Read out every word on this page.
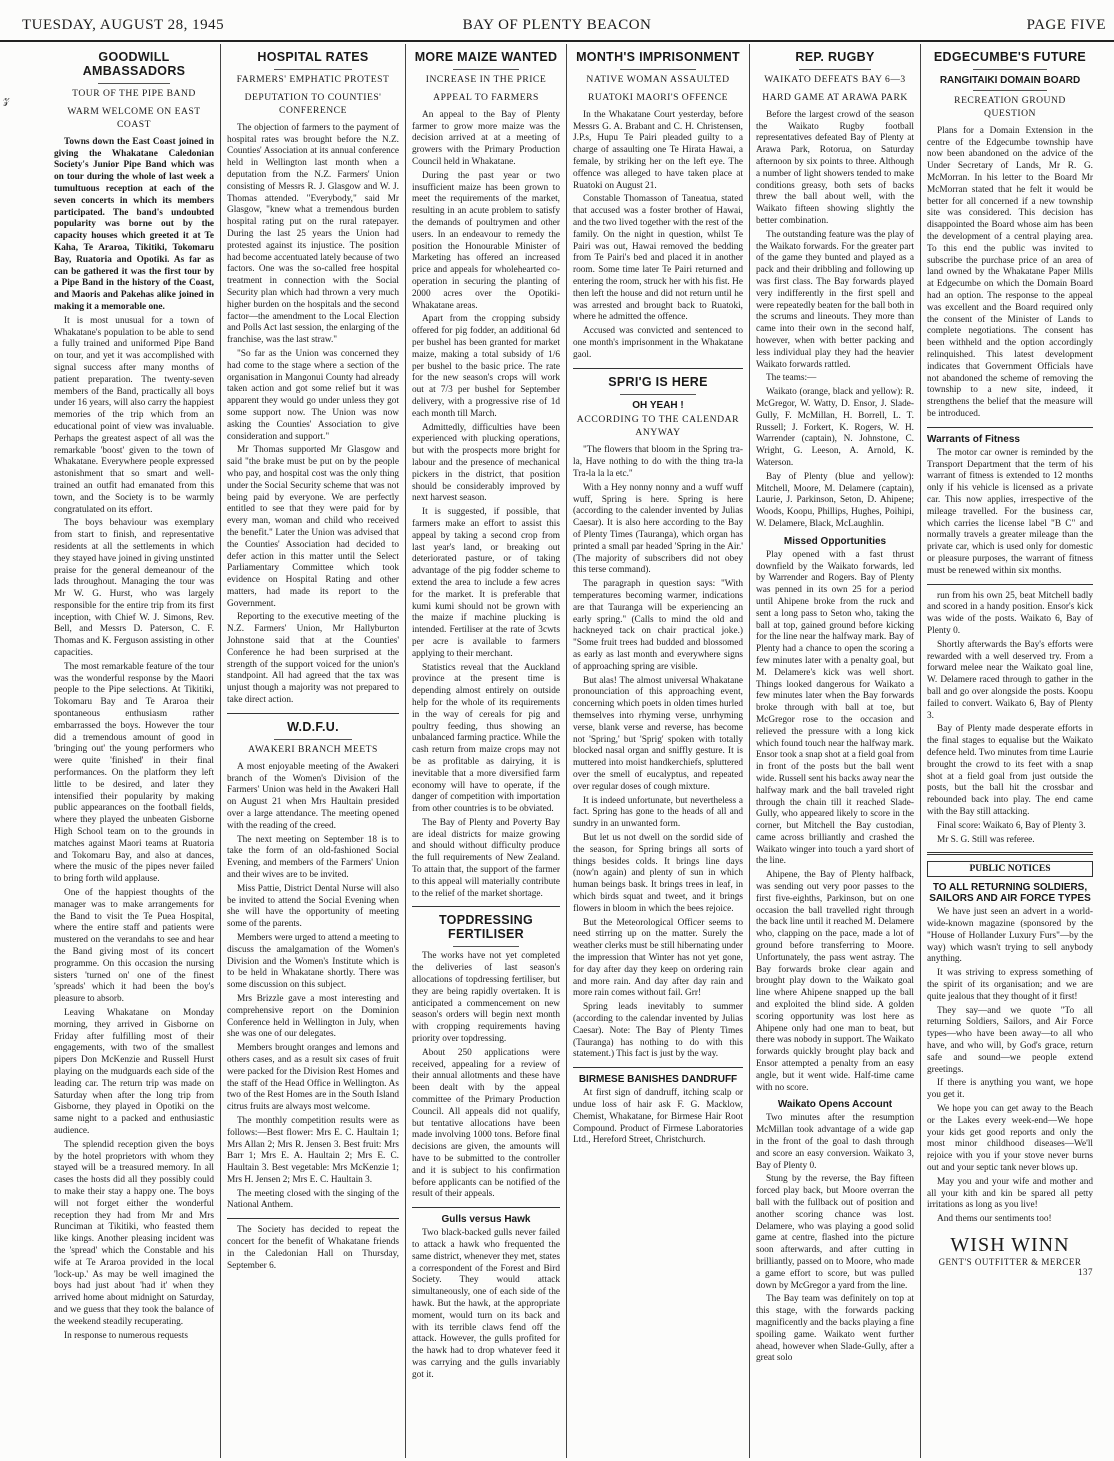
TUESDAY, AUGUST 28, 1945	BAY OF PLENTY BEACON	PAGE FIVE
𝓏
GOODWILL AMBASSADORS
TOUR OF THE PIPE BAND
WARM WELCOME ON EAST COAST

Towns down the East Coast joined in giving the Whakatane Caledonian Society's Junior Pipe Band which was on tour during the whole of last week a tumultuous reception at each of the seven concerts in which its members participated. The band's undoubted popularity was borne out by the capacity houses which greeted it at Te Kaha, Te Araroa, Tikitiki, Tokomaru Bay, Ruatoria and Opotiki. As far as can be gathered it was the first tour by a Pipe Band in the history of the Coast, and Maoris and Pakehas alike joined in making it a memorable one.

It is most unusual for a town of Whakatane's population to be able to send a fully trained and uniformed Pipe Band on tour, and yet it was accomplished with signal success after many months of patient preparation. The twenty-seven members of the Band, practically all boys under 16 years, will also carry the happiest memories of the trip which from an educational point of view was invaluable. Perhaps the greatest aspect of all was the remarkable 'boost' given to the town of Whakatane. Everywhere people expressed astonishment that so smart and well-trained an outfit had emanated from this town, and the Society is to be warmly congratulated on its effort.

The boys behaviour was exemplary from start to finish, and representative residents at all the settlements in which they stayed have joined in giving unstinted praise for the general demeanour of the lads throughout. Managing the tour was Mr W. G. Hurst, who was largely responsible for the entire trip from its first inception, with Chief W. J. Simons, Rev. Bell, and Messrs D. Paterson, C. F. Thomas and K. Ferguson assisting in other capacities.

The most remarkable feature of the tour was the wonderful response by the Maori people to the Pipe selections. At Tikitiki, Tokomaru Bay and Te Araroa their spontaneous enthusiasm rather embarrassed the boys. However the tour did a tremendous amount of good in 'bringing out' the young performers who were quite 'finished' in their final performances. On the platform they left little to be desired, and later they intensified their popularity by making public appearances on the football fields, where they played the unbeaten Gisborne High School team on to the grounds in matches against Maori teams at Ruatoria and Tokomaru Bay, and also at dances, where the music of the pipes never failed to bring forth wild applause.

One of the happiest thoughts of the manager was to make arrangements for the Band to visit the Te Puea Hospital, where the entire staff and patients were mustered on the verandahs to see and hear the Band giving most of its concert programme. On this occasion the nursing sisters 'turned on' one of the finest 'spreads' which it had been the boy's pleasure to absorb.

Leaving Whakatane on Monday morning, they arrived in Gisborne on Friday after fulfilling most of their engagements, with two of the smallest pipers Don McKenzie and Russell Hurst playing on the mudguards each side of the leading car. The return trip was made on Saturday when after the long trip from Gisborne, they played in Opotiki on the same night to a packed and enthusiastic audience.

The splendid reception given the boys by the hotel proprietors with whom they stayed will be a treasured memory. In all cases the hosts did all they possibly could to make their stay a happy one. The boys will not forget either the wonderful reception they had from Mr and Mrs Runciman at Tikitiki, who feasted them like kings. Another pleasing incident was the 'spread' which the Constable and his wife at Te Araroa provided in the local 'lock-up.' As may be well imagined the boys had just about 'had it' when they arrived home about midnight on Saturday, and we guess that they took the balance of the weekend steadily recuperating.

In response to numerous requests

HOSPITAL RATES
FARMERS' EMPHATIC PROTEST
DEPUTATION TO COUNTIES' CONFERENCE

The objection of farmers to the payment of hospital rates was brought before the N.Z. Counties' Association at its annual conference held in Wellington last month when a deputation from the N.Z. Farmers' Union consisting of Messrs R. J. Glasgow and W. J. Thomas attended. "Everybody," said Mr Glasgow, "knew what a tremendous burden hospital rating put on the rural ratepayer. During the last 25 years the Union had protested against its injustice. The position had become accentuated lately because of two factors. One was the so-called free hospital treatment in connection with the Social Security plan which had thrown a very much higher burden on the hospitals and the second factor—the amendment to the Local Election and Polls Act last session, the enlarging of the franchise, was the last straw."

"So far as the Union was concerned they had come to the stage where a section of the organisation in Mangonui County had already taken action and got some relief but it was apparent they would go under unless they got some support now. The Union was now asking the Counties' Association to give consideration and support."

Mr Thomas supported Mr Glasgow and said "the brake must be put on by the people who pay, and hospital cost was the only thing under the Social Security scheme that was not being paid by everyone. We are perfectly entitled to see that they were paid for by every man, woman and child who received the benefit." Later the Union was advised that the Counties' Association had decided to defer action in this matter until the Select Parliamentary Committee which took evidence on Hospital Rating and other matters, had made its report to the Government.

Reporting to the executive meeting of the N.Z. Farmers' Union, Mr Hallyburton Johnstone said that at the Counties' Conference he had been surprised at the strength of the support voiced for the union's standpoint. All had agreed that the tax was unjust though a majority was not prepared to take direct action.

W.D.F.U.
AWAKERI BRANCH MEETS

A most enjoyable meeting of the Awakeri branch of the Women's Division of the Farmers' Union was held in the Awakeri Hall on August 21 when Mrs Haultain presided over a large attendance. The meeting opened with the reading of the creed.

The next meeting on September 18 is to take the form of an old-fashioned Social Evening, and members of the Farmers' Union and their wives are to be invited.

Miss Pattie, District Dental Nurse will also be invited to attend the Social Evening when she will have the opportunity of meeting some of the parents.

Members were urged to attend a meeting to discuss the amalgamation of the Women's Division and the Women's Institute which is to be held in Whakatane shortly. There was some discussion on this subject.

Mrs Brizzle gave a most interesting and comprehensive report on the Dominion Conference held in Wellington in July, when she was one of our delegates.

Members brought oranges and lemons and others cases, and as a result six cases of fruit were packed for the Division Rest Homes and the staff of the Head Office in Wellington. As two of the Rest Homes are in the South Island citrus fruits are always most welcome.

The monthly competition results were as follows:—Best flower: Mrs E. C. Haultain 1; Mrs Allan 2; Mrs R. Jensen 3. Best fruit: Mrs Barr 1; Mrs E. A. Haultain 2; Mrs E. C. Haultain 3. Best vegetable: Mrs McKenzie 1; Mrs H. Jensen 2; Mrs E. C. Haultain 3.

The meeting closed with the singing of the National Anthem.

The Society has decided to repeat the concert for the benefit of Whakatane friends in the Caledonian Hall on Thursday, September 6.

MORE MAIZE WANTED
INCREASE IN THE PRICE
APPEAL TO FARMERS

An appeal to the Bay of Plenty farmer to grow more maize was the decision arrived at at a meeting of growers with the Primary Production Council held in Whakatane.

During the past year or two insufficient maize has been grown to meet the requirements of the market, resulting in an acute problem to satisfy the demands of poultrymen and other users. In an endeavour to remedy the position the Honourable Minister of Marketing has offered an increased price and appeals for wholehearted co-operation in securing the planting of 2000 acres over the Opotiki-Whakatane areas.

Apart from the cropping subsidy offered for pig fodder, an additional 6d per bushel has been granted for market maize, making a total subsidy of 1/6 per bushel to the basic price. The rate for the new season's crops will work out at 7/3 per bushel for September delivery, with a progressive rise of 1d each month till March.

Admittedly, difficulties have been experienced with plucking operations, but with the prospects more bright for labour and the presence of mechanical pickers in the district, that position should be considerably improved by next harvest season.

It is suggested, if possible, that farmers make an effort to assist this appeal by taking a second crop from last year's land, or breaking out deteriorated pasture, or of taking advantage of the pig fodder scheme to extend the area to include a few acres for the market. It is preferable that kumi kumi should not be grown with the maize if machine plucking is intended. Fertiliser at the rate of 3cwts per acre is available to farmers applying to their merchant.

Statistics reveal that the Auckland province at the present time is depending almost entirely on outside help for the whole of its requirements in the way of cereals for pig and poultry feeding, thus showing an unbalanced farming practice. While the cash return from maize crops may not be as profitable as dairying, it is inevitable that a more diversified farm economy will have to operate, if the danger of competition with importation from other countries is to be obviated.

The Bay of Plenty and Poverty Bay are ideal districts for maize growing and should without difficulty produce the full requirements of New Zealand. To attain that, the support of the farmer to this appeal will materially contribute to the relief of the market shortage.

TOPDRESSING FERTILISER

The works have not yet completed the deliveries of last season's allocations of topdressing fertiliser, but they are being rapidly overtaken. It is anticipated a commencement on new season's orders will begin next month with cropping requirements having priority over topdressing.

About 250 applications were received, appealing for a review of their annual allotments and these have been dealt with by the appeal committee of the Primary Production Council. All appeals did not qualify, but tentative allocations have been made involving 1000 tons. Before final decisions are given, the amounts will have to be submitted to the controller and it is subject to his confirmation before applicants can be notified of the result of their appeals.

Gulls versus Hawk

Two black-backed gulls never failed to attack a hawk who frequented the same district, whenever they met, states a correspondent of the Forest and Bird Society. They would attack simultaneously, one of each side of the hawk. But the hawk, at the appropriate moment, would turn on its back and with its terrible claws fend off the attack. However, the gulls profited for the hawk had to drop whatever feed it was carrying and the gulls invariably got it.

MONTH'S IMPRISONMENT
NATIVE WOMAN ASSAULTED
RUATOKI MAORI'S OFFENCE

In the Whakatane Court yesterday, before Messrs G. A. Brabant and C. H. Christensen, J.P.s, Hupu Te Pairi pleaded guilty to a charge of assaulting one Te Hirata Hawai, a female, by striking her on the left eye. The offence was alleged to have taken place at Ruatoki on August 21.

Constable Thomasson of Taneatua, stated that accused was a foster brother of Hawai, and the two lived together with the rest of the family. On the night in question, whilst Te Pairi was out, Hawai removed the bedding from Te Pairi's bed and placed it in another room. Some time later Te Pairi returned and entering the room, struck her with his fist. He then left the house and did not return until he was arrested and brought back to Ruatoki, where he admitted the offence.

Accused was convicted and sentenced to one month's imprisonment in the Whakatane gaol.

SPRI'G IS HERE
OH YEAH !
ACCORDING TO THE CALENDAR ANYWAY

"The flowers that bloom in the Spring tra-la, Have nothing to do with the thing tra-la Tra-la la la etc."

With a Hey nonny nonny and a wuff wuff wuff, Spring is here. Spring is here (according to the calender invented by Julias Caesar). It is also here according to the Bay of Plenty Times (Tauranga), which organ has printed a small par headed 'Spring in the Air.' (The majority of subscribers did not obey this terse command).

The paragraph in question says: "With temperatures becoming warmer, indications are that Tauranga will be experiencing an early spring." (Calls to mind the old and hackneyed tack on chair practical joke.) "Some fruit trees had budded and blossomed as early as last month and everywhere signs of approaching spring are visible.

But alas! The almost universal Whakatane pronounciation of this approaching event, concerning which poets in olden times hurled themselves into rhyming verse, unrhyming verse, blank verse and reverse, has become not 'Spring,' but 'Sprig' spoken with totally blocked nasal organ and sniffly gesture. It is muttered into moist handkerchiefs, spluttered over the smell of eucalyptus, and repeated over regular doses of cough mixture.

It is indeed unfortunate, but nevertheless a fact. Spring has gone to the heads of all and sundry in an unwanted form.

But let us not dwell on the sordid side of the season, for Spring brings all sorts of things besides colds. It brings line days (now'n again) and plenty of sun in which human beings bask. It brings trees in leaf, in which birds squat and tweet, and it brings flowers in bloom in which the bees rejoice.

But the Meteorological Officer seems to need stirring up on the matter. Surely the weather clerks must be still hibernating under the impression that Winter has not yet gone, for day after day they keep on ordering rain and more rain. And day after day rain and more rain comes without fail. Grr!

Spring leads inevitably to summer (according to the calendar invented by Julias Caesar). Note: The Bay of Plenty Times (Tauranga) has nothing to do with this statement.) This fact is just by the way.

BIRMESE BANISHES DANDRUFF

At first sign of dandruff, itching scalp or undue loss of hair ask F. G. Macklow, Chemist, Whakatane, for Birmese Hair Root Compound. Product of Firmese Laboratories Ltd., Hereford Street, Christchurch.

REP. RUGBY
WAIKATO DEFEATS BAY 6—3
HARD GAME AT ARAWA PARK

Before the largest crowd of the season the Waikato Rugby football representatives defeated Bay of Plenty at Arawa Park, Rotorua, on Saturday afternoon by six points to three. Although a number of light showers tended to make conditions greasy, both sets of backs threw the ball about well, with the Waikato fifteen showing slightly the better combination.

The outstanding feature was the play of the Waikato forwards. For the greater part of the game they bunted and played as a pack and their dribbling and following up was first class. The Bay forwards played very indifferently in the first spell and were repeatedly beaten for the ball both in the scrums and lineouts. They more than came into their own in the second half, however, when with better packing and less individual play they had the heavier Waikato forwards rattled.

The teams:—

Waikato (orange, black and yellow): R. McGregor, W. Watty, D. Ensor, J. Slade-Gully, F. McMillan, H. Borrell, L. T. Russell; J. Forkert, K. Rogers, W. H. Warrender (captain), N. Johnstone, C. Wright, G. Leeson, A. Arnold, K. Waterson.

Bay of Plenty (blue and yellow): Mitchell, Moore, M. Delamere (captain), Laurie, J. Parkinson, Seton, D. Ahipene; Woods, Koopu, Phillips, Hughes, Poihipi, W. Delamere, Black, McLaughlin.

Missed Opportunities

Play opened with a fast thrust downfield by the Waikato forwards, led by Warrender and Rogers. Bay of Plenty was penned in its own 25 for a period until Ahipene broke from the ruck and sent a long pass to Seton who, taking the ball at top, gained ground before kicking for the line near the halfway mark. Bay of Plenty had a chance to open the scoring a few minutes later with a penalty goal, but M. Delamere's kick was well short. Things looked dangerous for Waikato a few minutes later when the Bay forwards broke through with ball at toe, but McGregor rose to the occasion and relieved the pressure with a long kick which found touch near the halfway mark. Ensor took a snap shot at a field goal from in front of the posts but the ball went wide. Russell sent his backs away near the halfway mark and the ball traveled right through the chain till it reached Slade-Gully, who appeared likely to score in the corner, but Mitchell the Bay custodian, came across brilliantly and crashed the Waikato winger into touch a yard short of the line.

Ahipene, the Bay of Plenty halfback, was sending out very poor passes to the first five-eighths, Parkinson, but on one occasion the ball travelled right through the back line until it reached M. Delamere who, clapping on the pace, made a lot of ground before transferring to Moore. Unfortunately, the pass went astray. The Bay forwards broke clear again and brought play down to the Waikato goal line where Ahipene snapped up the ball and exploited the blind side. A golden scoring opportunity was lost here as Ahipene only had one man to beat, but there was nobody in support. The Waikato forwards quickly brought play back and Ensor attempted a penalty from an easy angle, but it went wide. Half-time came with no score.

Waikato Opens Account

Two minutes after the resumption McMillan took advantage of a wide gap in the front of the goal to dash through and score an easy conversion. Waikato 3, Bay of Plenty 0.

Stung by the reverse, the Bay fifteen forced play back, but Moore overran the ball with the fullback out of position and another scoring chance was lost. Delamere, who was playing a good solid game at centre, flashed into the picture soon afterwards, and after cutting in brilliantly, passed on to Moore, who made a game effort to score, but was pulled down by McGregor a yard from the line.

The Bay team was definitely on top at this stage, with the forwards packing magnificently and the backs playing a fine spoiling game. Waikato went further ahead, however when Slade-Gully, after a great solo

EDGECUMBE'S FUTURE
RANGITAIKI DOMAIN BOARD
RECREATION GROUND QUESTION

Plans for a Domain Extension in the centre of the Edgecumbe township have now been abandoned on the advice of the Under Secretary of Lands, Mr R. G. McMorran. In his letter to the Board Mr McMorran stated that he felt it would be better for all concerned if a new township site was considered. This decision has disappointed the Board whose aim has been the development of a central playing area. To this end the public was invited to subscribe the purchase price of an area of land owned by the Whakatane Paper Mills at Edgecumbe on which the Domain Board had an option. The response to the appeal was excellent and the Board required only the consent of the Minister of Lands to complete negotiations. The consent has been withheld and the option accordingly relinquished. This latest development indicates that Government Officials have not abandoned the scheme of removing the township to a new site, indeed, it strengthens the belief that the measure will be introduced.

Warrants of Fitness

The motor car owner is reminded by the Transport Department that the term of his warrant of fitness is extended to 12 months only if his vehicle is licensed as a private car. This now applies, irrespective of the mileage travelled. For the business car, which carries the license label "B C" and normally travels a greater mileage than the private car, which is used only for domestic or pleasure purposes, the warrant of fitness must be renewed within six months.

run from his own 25, beat Mitchell badly and scored in a handy position. Ensor's kick was wide of the posts. Waikato 6, Bay of Plenty 0.

Shortly afterwards the Bay's efforts were rewarded with a well deserved try. From a forward melee near the Waikato goal line, W. Delamere raced through to gather in the ball and go over alongside the posts. Koopu failed to convert. Waikato 6, Bay of Plenty 3.

Bay of Plenty made desperate efforts in the final stages to equalise but the Waikato defence held. Two minutes from time Laurie brought the crowd to its feet with a snap shot at a field goal from just outside the posts, but the ball hit the crossbar and rebounded back into play. The end came with the Bay still attacking.

Final score: Waikato 6, Bay of Plenty 3.

Mr S. G. Still was referee.

PUBLIC NOTICES
TO ALL RETURNING SOLDIERS, SAILORS AND AIR FORCE TYPES

We have just seen an advert in a world-wide-known magazine (sponsored by the "House of Hollander Luxury Furs"—by the way) which wasn't trying to sell anybody anything.

It was striving to express something of the spirit of its organisation; and we are quite jealous that they thought of it first!

They say—and we quote "To all returning Soldiers, Sailors, and Air Force types—who have been away—to all who have, and who will, by God's grace, return safe and sound—we people extend greetings.

If there is anything you want, we hope you get it.

We hope you can get away to the Beach or the Lakes every week-end—We hope your kids get good reports and only the most minor childhood diseases—We'll rejoice with you if your stove never burns out and your septic tank never blows up.

May you and your wife and mother and all your kith and kin be spared all petty irritations as long as you live!

And thems our sentiments too!

WISH WINN
GENT'S OUTFITTER & MERCER
137
